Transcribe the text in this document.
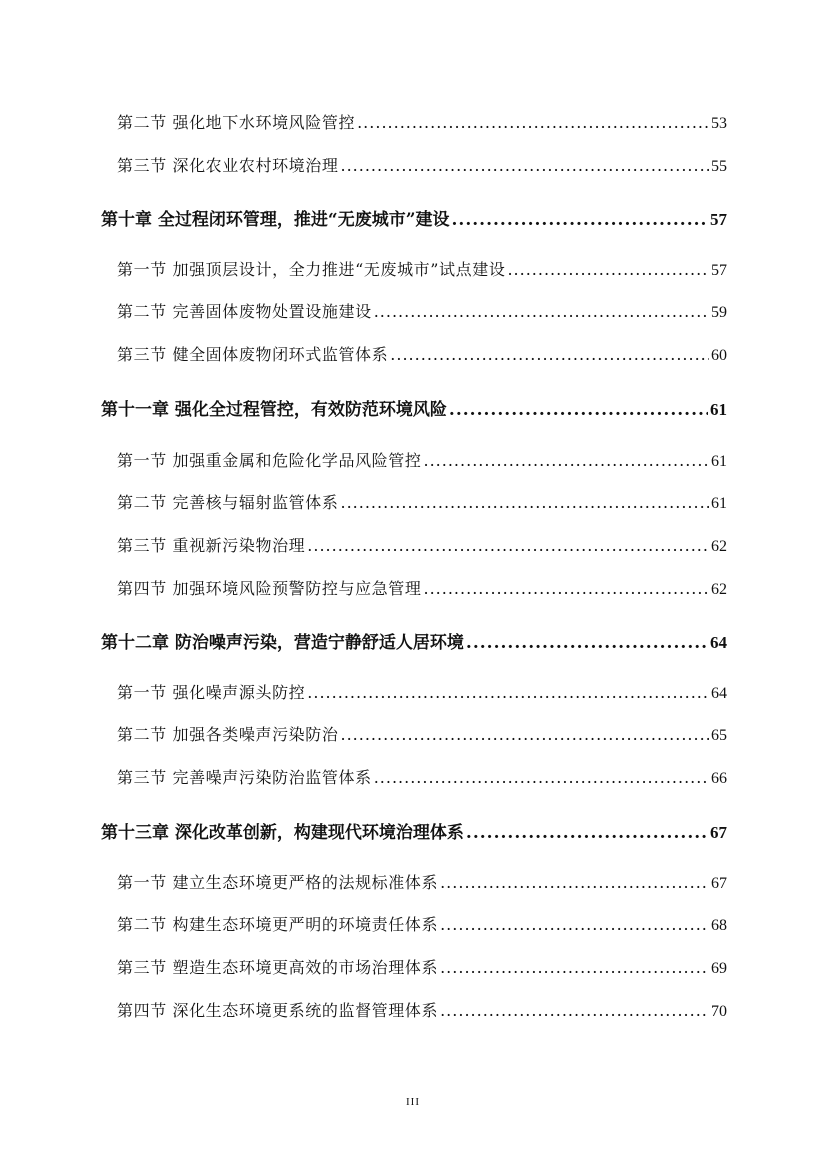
第二节 强化地下水环境风险管控 .....	53
第三节 深化农业农村环境治理 .....	55
第十章 全过程闭环管理，推进“无废城市”建设 .....	57
第一节 加强顶层设计，全力推进“无废城市”试点建设 .....	57
第二节 完善固体废物处置设施建设 .....	59
第三节 健全固体废物闭环式监管体系 .....	60
第十一章 强化全过程管控，有效防范环境风险 .....	61
第一节 加强重金属和危险化学品风险管控 .....	61
第二节 完善核与辐射监管体系 .....	61
第三节 重视新污染物治理 .....	62
第四节 加强环境风险预警防控与应急管理 .....	62
第十二章 防治噪声污染，营造宁静舒适人居环境 .....	64
第一节 强化噪声源头防控 .....	64
第二节 加强各类噪声污染防治 .....	65
第三节 完善噪声污染防治监管体系 .....	66
第十三章 深化改革创新，构建现代环境治理体系 .....	67
第一节 建立生态环境更严格的法规标准体系 .....	67
第二节 构建生态环境更严明的环境责任体系 .....	68
第三节 塑造生态环境更高效的市场治理体系 .....	69
第四节 深化生态环境更系统的监督管理体系 .....	70
III
